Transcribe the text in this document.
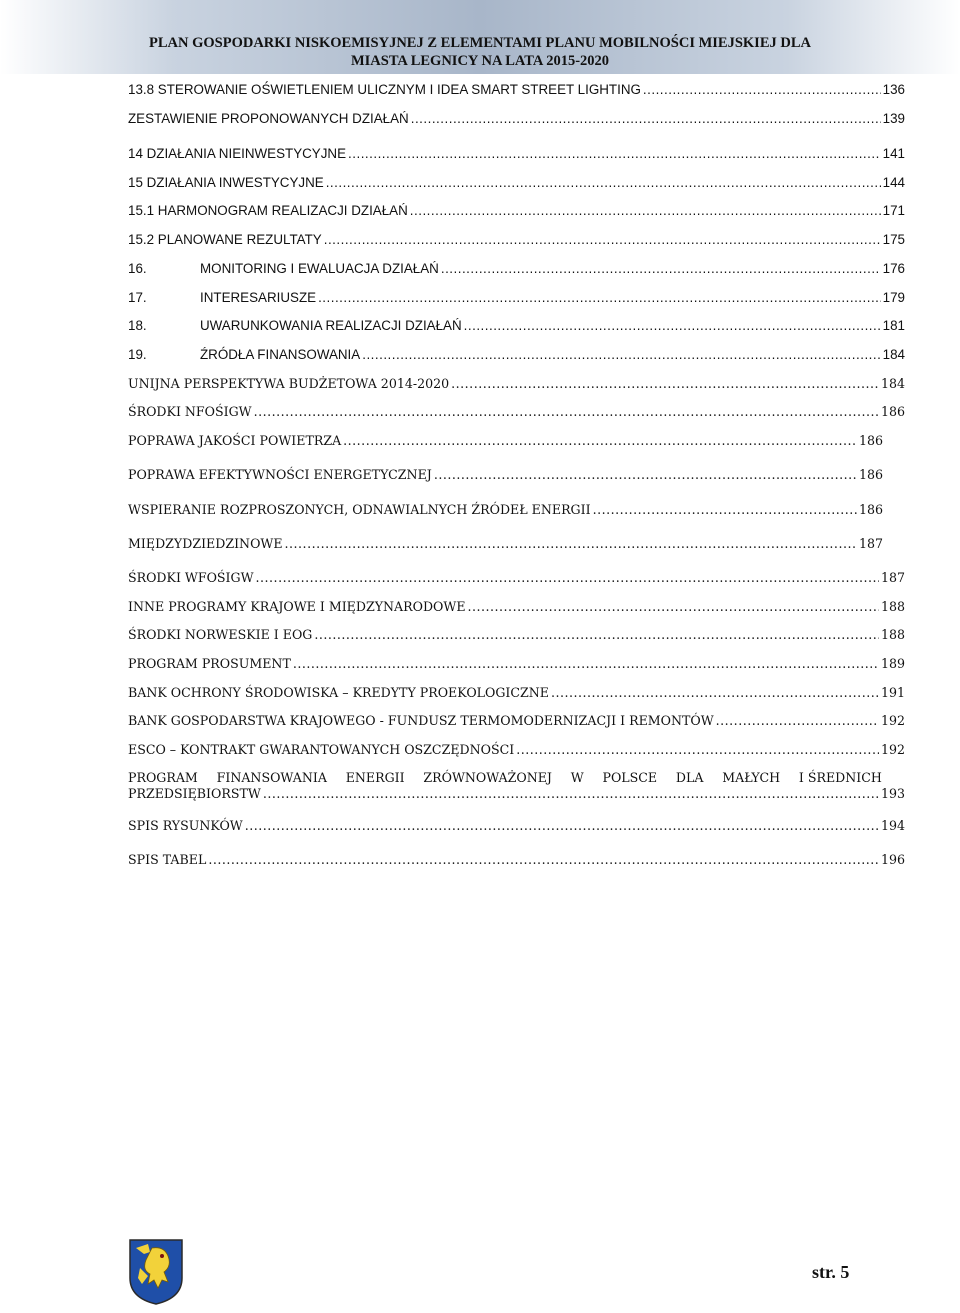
PLAN GOSPODARKI NISKOEMISYJNEJ Z ELEMENTAMI PLANU MOBILNOŚCI MIEJSKIEJ DLA
MIASTA LEGNICY NA LATA 2015-2020
13.8 STEROWANIE OŚWIETLENIEM ULICZNYM I IDEA SMART STREET LIGHTING .....	136
ZESTAWIENIE PROPONOWANYCH DZIAŁAŃ .....	139
14 DZIAŁANIA NIEINWESTYCYJNE .....	141
15 DZIAŁANIA INWESTYCYJNE .....	144
15.1 HARMONOGRAM REALIZACJI DZIAŁAŃ .....	171
15.2 PLANOWANE REZULTATY .....	175
16.	MONITORING I EWALUACJA DZIAŁAŃ .....	176
17.	INTERESARIUSZE .....	179
18.	UWARUNKOWANIA REALIZACJI DZIAŁAŃ .....	181
19.	ŹRÓDŁA FINANSOWANIA .....	184
UNIJNA PERSPEKTYWA BUDŻETOWA 2014-2020 .....	184
ŚRODKI NFOŚIGW .....	186
POPRAWA JAKOŚCI POWIETRZA .....	186
POPRAWA EFEKTYWNOŚCI ENERGETYCZNEJ .....	186
WSPIERANIE ROZPROSZONYCH, ODNAWIALNYCH ŹRÓDEŁ ENERGII .....	186
MIĘDZYDZIEDZINOWE .....	187
ŚRODKI WFOŚIGW .....	187
INNE PROGRAMY KRAJOWE I MIĘDZYNARODOWE .....	188
ŚRODKI NORWESKIE I EOG .....	188
PROGRAM PROSUMENT .....	189
BANK OCHRONY ŚRODOWISKA – KREDYTY PROEKOLOGICZNE .....	191
BANK GOSPODARSTWA KRAJOWEGO - FUNDUSZ TERMOMODERNIZACJI I REMONTÓW .....	192
ESCO – KONTRAKT GWARANTOWANYCH OSZCZĘDNOŚCI .....	192
PROGRAM FINANSOWANIA ENERGII ZRÓWNOWAŻONEJ W POLSCE DLA MAŁYCH I ŚREDNICH
PRZEDSIĘBIORSTW .....	193
SPIS RYSUNKÓW .....	194
SPIS TABEL .....	196
str. 5
